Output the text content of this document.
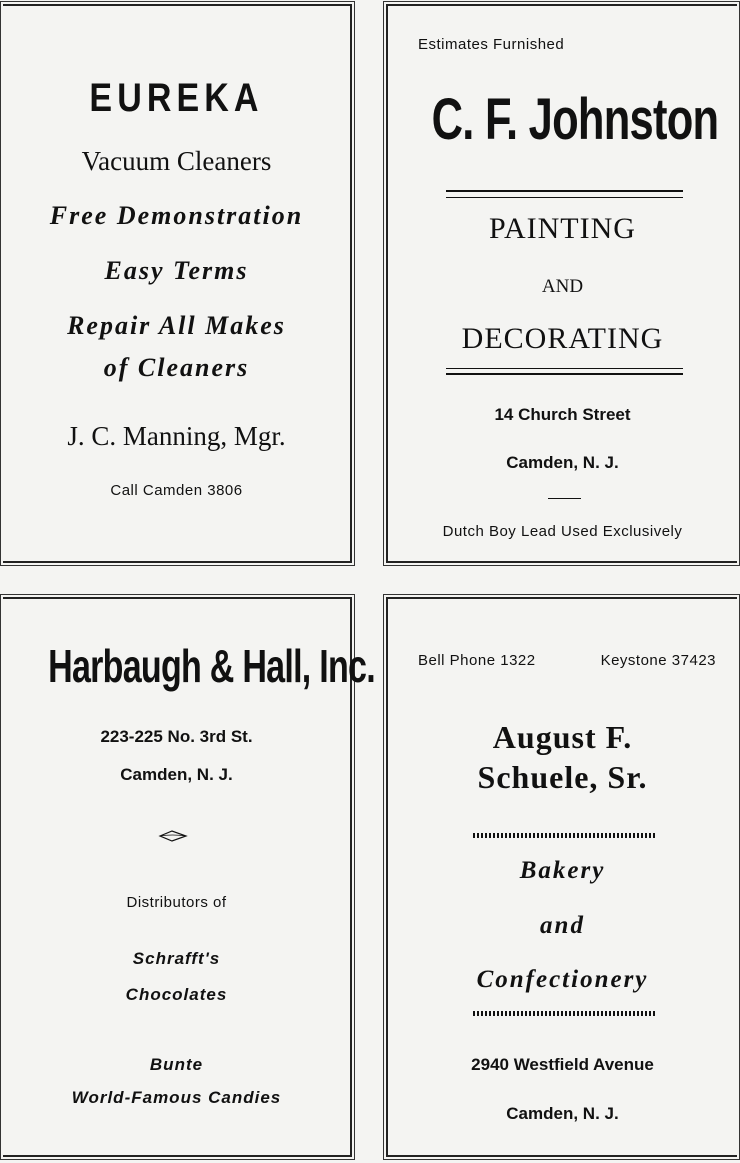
EUREKA
Vacuum Cleaners
Free Demonstration
Easy Terms
Repair All Makes
of Cleaners
J. C. Manning, Mgr.
Call Camden 3806
Estimates Furnished
C. F. Johnston
PAINTING
AND
DECORATING
14 Church Street
Camden, N. J.
Dutch Boy Lead Used Exclusively
Harbaugh & Hall, Inc.
223-225 No. 3rd St.
Camden, N. J.
Distributors of
Schrafft's
Chocolates
Bunte
World-Famous Candies
Bell Phone 1322	Keystone 37423
August F.
Schuele, Sr.
Bakery
and
Confectionery
2940 Westfield Avenue
Camden, N. J.
